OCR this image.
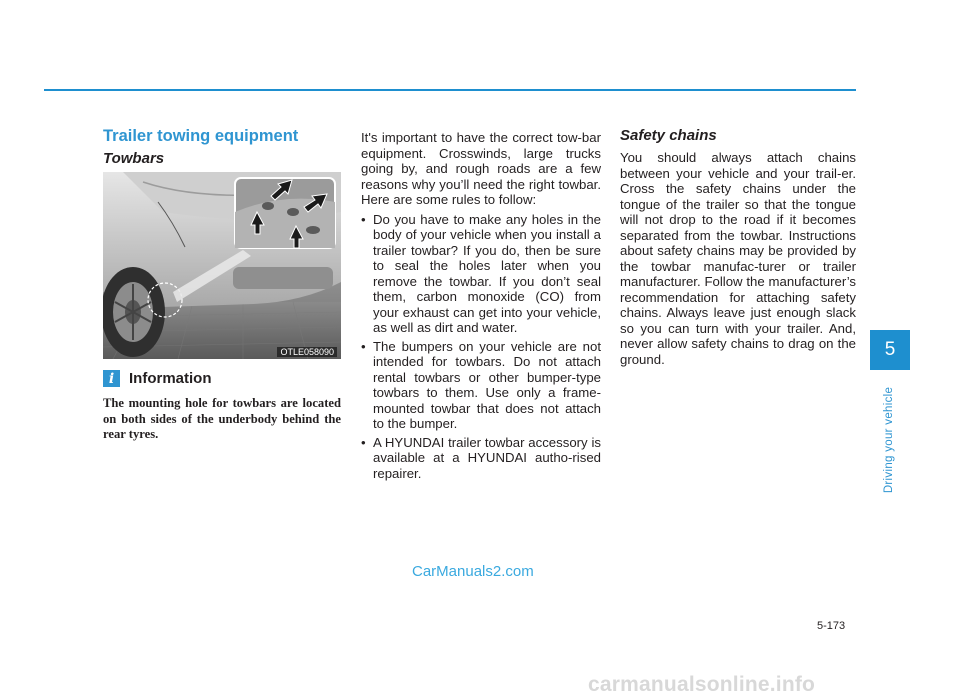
Trailer towing equipment
Towbars
OTLE058090
i Information
The mounting hole for towbars are located on both sides of the underbody behind the rear tyres.
It's important to have the correct tow-bar equipment. Crosswinds, large trucks going by, and rough roads are a few reasons why you’ll need the right towbar. Here are some rules to follow:
• Do you have to make any holes in the body of your vehicle when you install a trailer towbar? If you do, then be sure to seal the holes later when you remove the towbar. If you don’t seal them, carbon monoxide (CO) from your exhaust can get into your vehicle, as well as dirt and water.
• The bumpers on your vehicle are not intended for towbars. Do not attach rental towbars or other bumper-type towbars to them. Use only a frame-mounted towbar that does not attach to the bumper.
• A HYUNDAI trailer towbar accessory is available at a HYUNDAI autho-rised repairer.
Safety chains
You should always attach chains between your vehicle and your trail-er. Cross the safety chains under the tongue of the trailer so that the tongue will not drop to the road if it becomes separated from the towbar. Instructions about safety chains may be provided by the towbar manufac-turer or trailer manufacturer. Follow the manufacturer’s recommendation for attaching safety chains. Always leave just enough slack so you can turn with your trailer. And, never allow safety chains to drag on the ground.	5
Driving your vehicle
5-173
CarManuals2.com
carmanualsonline.info
